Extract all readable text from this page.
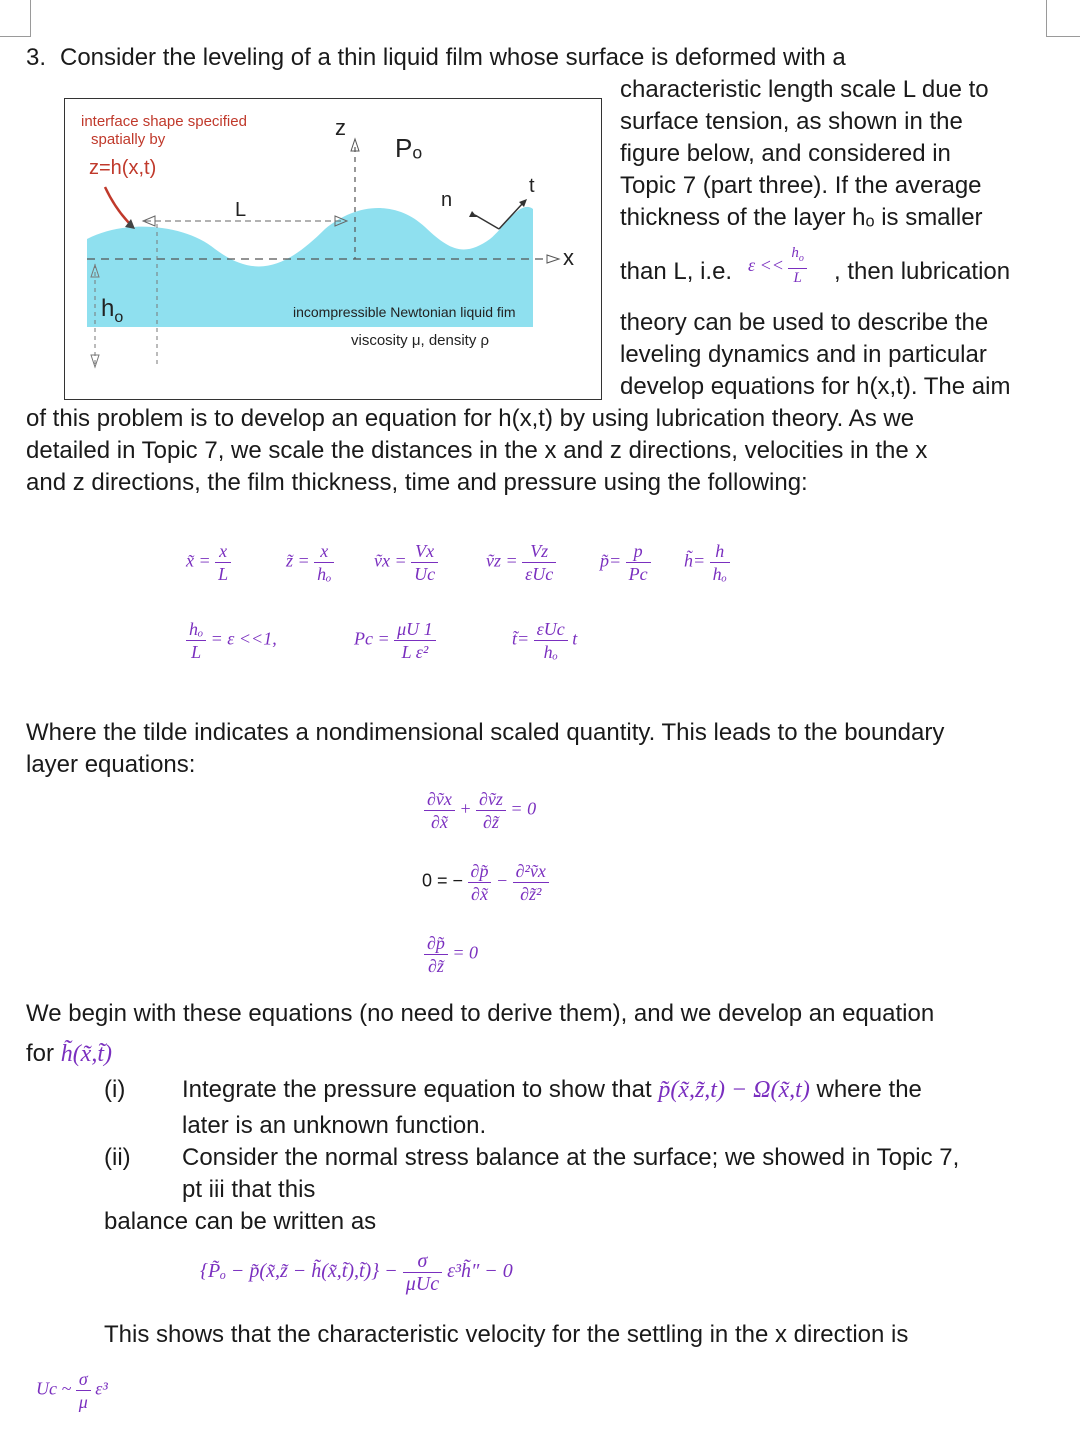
3. Consider the leveling of a thin liquid film whose surface is deformed with a
characteristic length scale L due to
surface tension, as shown in the
figure below, and considered in
Topic 7 (part three). If the average
thickness of the layer hₒ is smaller
than L, i.e. $\varepsilon << \frac{h_o}{L}$ , then lubrication
theory can be used to describe the
leveling dynamics and in particular
develop equations for h(x,t). The aim
of this problem is to develop an equation for h(x,t) by using lubrication theory. As we
detailed in Topic 7, we scale the distances in the x and z directions, velocities in the x
and z directions, the film thickness, time and pressure using the following:
interface shape specified
spatially by
z=h(x,t)
z
Pₒ
L	n
t
x
$h_o$	incompressible Newtonian liquid fim
viscosity μ, density ρ
x̃ = $\frac{x}{L}$	z̃ = $\frac{x}{\text{hₒ}}$ ṽx = $\frac{Vx}{Uc}$	ṽz = $\frac{Vz}{\text{εUc}}$ p̃= $\frac{p}{Pc}$ h̃= $\frac{h}{\text{hₒ}}$
$\frac{\text{hₒ}}{L} = \varepsilon <<1$,	$Pc = \frac{\mu U 1}{\text{L ε²}}$	t̃= $\frac{\text{εUc}}{\text{hₒ}}$ t
Where the tilde indicates a nondimensional scaled quantity. This leads to the boundary
layer equations:
$\frac{\partial ṽx}{\partial x̃} + \frac{\partial ṽz}{\partial z̃} = 0$
0 = − $\frac{\partial p̃}{\partial x̃} - \frac{\text{∂²ṽx}}{\text{∂z̃²}}$
$\frac{\partial p̃}{\partial z̃} = 0$
We begin with these equations (no need to derive them), and we develop an equation
for h̃(x̃,t̃)
(i) Integrate the pressure equation to show that p̃(x̃,z̃,t) − Ω(x̃,t) where the
later is an unknown function.
(ii) Consider the normal stress balance at the surface; we showed in Topic 7,
pt iii that this
balance can be written as
{P̃ₒ − p̃(x̃,z̃ − h̃(x̃,t̃),t̃)} − $\frac{\sigma}{\text{μUc}}$ ε³h̃″ − 0
This shows that the characteristic velocity for the settling in the x direction is
Uc ~ $\frac{\sigma}{\mu} \varepsilon^3$
